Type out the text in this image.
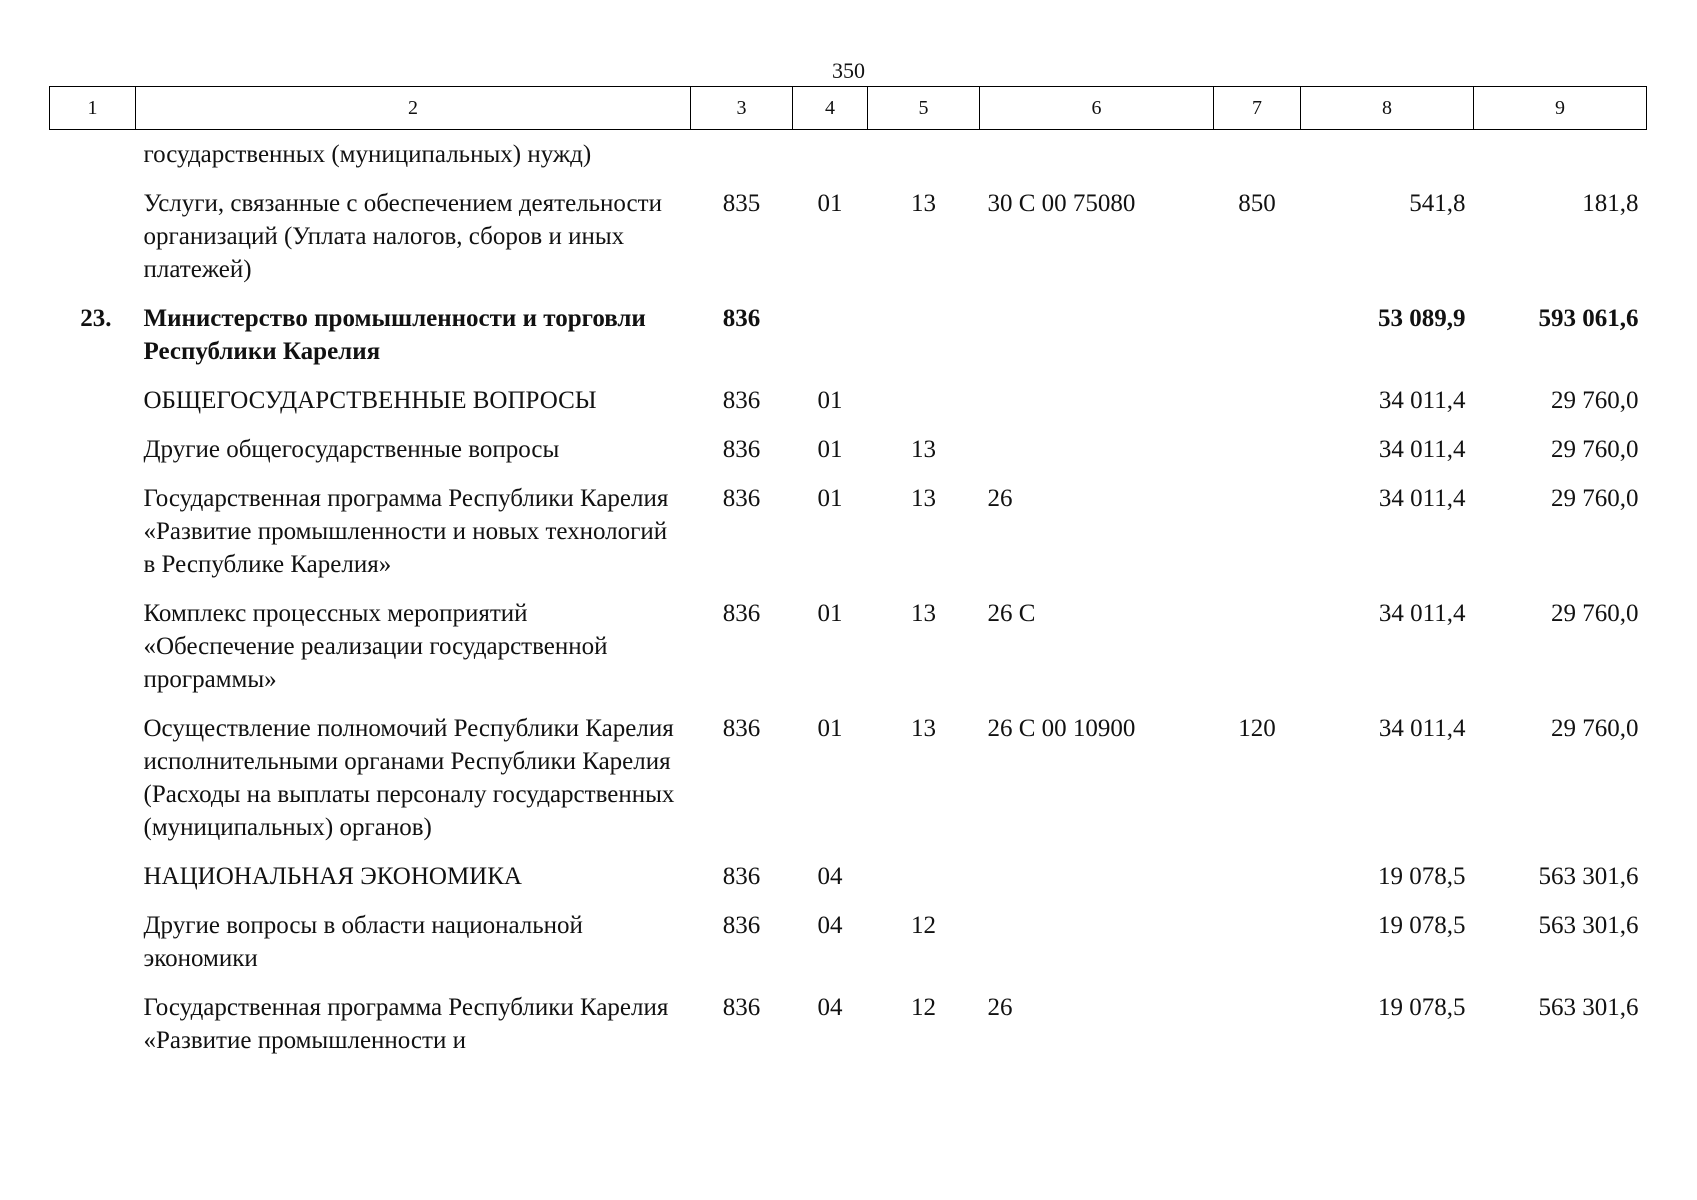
350
1	2	3	4	5	6	7	8	9
	государственных (муниципальных) нужд)							
	Услуги, связанные с обеспечением деятельности организаций (Уплата налогов, сборов и иных платежей)	835	01	13	30 С 00 75080	850	541,8	181,8
23.	Министерство промышленности и торговли Республики Карелия	836					53 089,9	593 061,6
	ОБЩЕГОСУДАРСТВЕННЫЕ ВОПРОСЫ	836	01				34 011,4	29 760,0
	Другие общегосударственные вопросы	836	01	13			34 011,4	29 760,0
	Государственная программа Республики Карелия «Развитие промышленности и новых технологий в Республике Карелия»	836	01	13	26		34 011,4	29 760,0
	Комплекс процессных мероприятий «Обеспечение реализации государственной программы»	836	01	13	26 С		34 011,4	29 760,0
	Осуществление полномочий Республики Карелия исполнительными органами Республики Карелия (Расходы на выплаты персоналу государственных (муниципальных) органов)	836	01	13	26 С 00 10900	120	34 011,4	29 760,0
	НАЦИОНАЛЬНАЯ ЭКОНОМИКА	836	04				19 078,5	563 301,6
	Другие вопросы в области национальной экономики	836	04	12			19 078,5	563 301,6
	Государственная программа Республики Карелия «Развитие промышленности и	836	04	12	26		19 078,5	563 301,6
